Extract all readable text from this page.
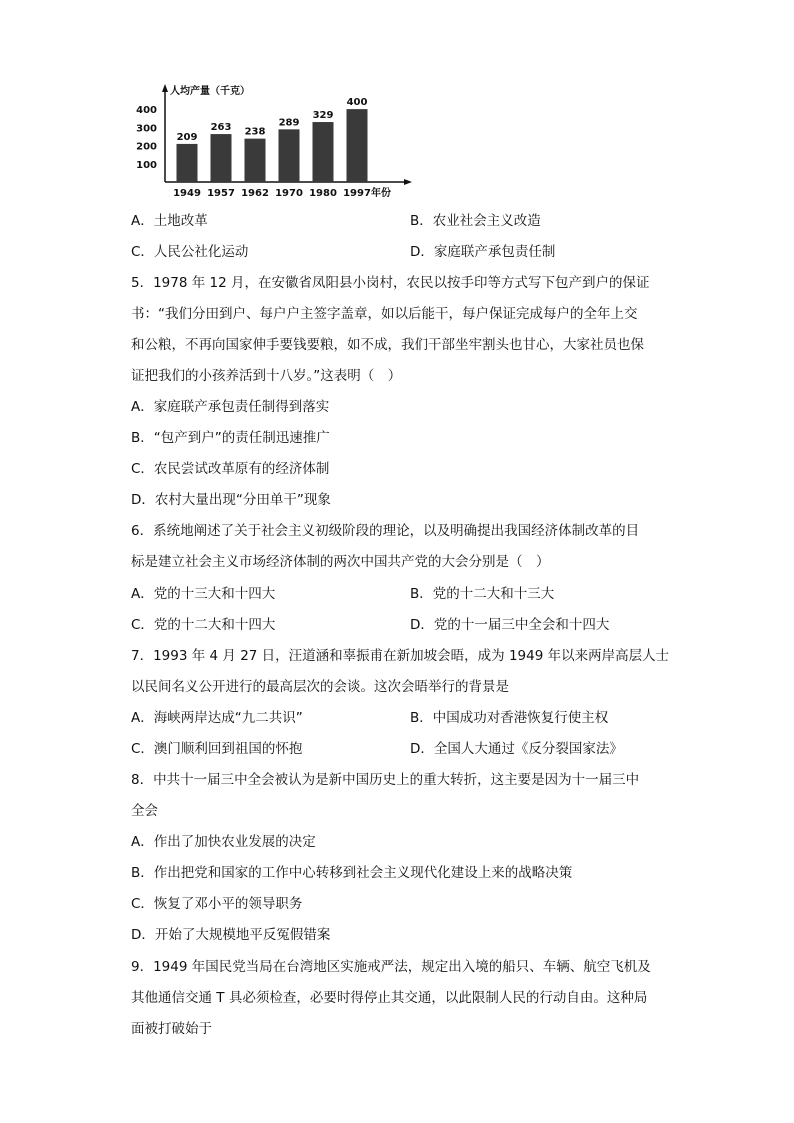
人均产量（千克）
100
200
300
400
209
1949
263
1957
238
1962
289
1970
329
1980
400
1997 年份
A．土地改革	B．农业社会主义改造
C．人民公社化运动	D．家庭联产承包责任制
5．1978 年 12 月，在安徽省凤阳县小岗村，农民以按手印等方式写下包产到户的保证
书：“我们分田到户、每户户主签字盖章，如以后能干，每户保证完成每户的全年上交
和公粮，不再向国家伸手要钱要粮，如不成，我们干部坐牢割头也甘心，大家社员也保
证把我们的小孩养活到十八岁。”这表明（　）
A．家庭联产承包责任制得到落实
B．“包产到户”的责任制迅速推广
C．农民尝试改革原有的经济体制
D．农村大量出现“分田单干”现象
6．系统地阐述了关于社会主义初级阶段的理论，以及明确提出我国经济体制改革的目
标是建立社会主义市场经济体制的两次中国共产党的大会分别是（　）
A．党的十三大和十四大	B．党的十二大和十三大
C．党的十二大和十四大	D．党的十一届三中全会和十四大
7．1993 年 4 月 27 日，汪道涵和辜振甫在新加坡会晤，成为 1949 年以来两岸高层人士
以民间名义公开进行的最高层次的会谈。这次会晤举行的背景是
A．海峡两岸达成“九二共识”	B．中国成功对香港恢复行使主权
C．澳门顺利回到祖国的怀抱	D．全国人大通过《反分裂国家法》
8．中共十一届三中全会被认为是新中国历史上的重大转折，这主要是因为十一届三中
全会
A．作出了加快农业发展的决定
B．作出把党和国家的工作中心转移到社会主义现代化建设上来的战略决策
C．恢复了邓小平的领导职务
D．开始了大规模地平反冤假错案
9．1949 年国民党当局在台湾地区实施戒严法，规定出入境的船只、车辆、航空飞机及
其他通信交通 T 具必须检查，必要时得停止其交通，以此限制人民的行动自由。这种局
面被打破始于
